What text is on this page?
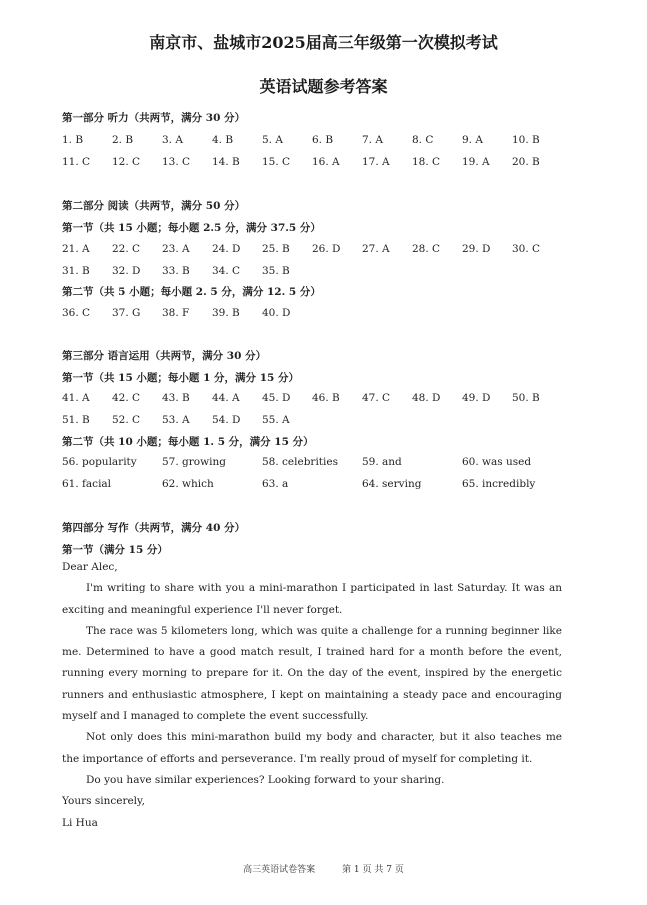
南京市、盐城市2025届高三年级第一次模拟考试
英语试题参考答案
第一部分 听力（共两节，满分 30 分）
1. B	2. B	3. A	4. B	5. A	6. B	7. A	8. C	9. A	10. B
11. C 12. C 13. C 14. B 15. C 16. A 17. A 18. C 19. A 20. B
第二部分 阅读（共两节，满分 50 分）
第一节（共 15 小题；每小题 2.5 分，满分 37.5 分）
21. A 22. C 23. A 24. D 25. B 26. D 27. A 28. C 29. D 30. C
31. B 32. D 33. B 34. C 35. B
第二节（共 5 小题；每小题 2. 5 分，满分 12. 5 分）
36. C 37. G 38. F 39. B 40. D
第三部分 语言运用（共两节，满分 30 分）
第一节（共 15 小题；每小题 1 分，满分 15 分）
41. A 42. C 43. B 44. A 45. D 46. B 47. C 48. D 49. D 50. B
51. B 52. C 53. A 54. D 55. A
第二节（共 10 小题；每小题 1. 5 分，满分 15 分）
56. popularity 57. growing	58. celebrities 59. and	60. was used
61. facial	62. which	63. a	64. serving	65. incredibly
第四部分 写作（共两节，满分 40 分）
第一节（满分 15 分）

Dear Alec,

I'm writing to share with you a mini-marathon I participated in last Saturday. It was an exciting and meaningful experience I'll never forget.

The race was 5 kilometers long, which was quite a challenge for a running beginner like me. Determined to have a good match result, I trained hard for a month before the event, running every morning to prepare for it. On the day of the event, inspired by the energetic runners and enthusiastic atmosphere, I kept on maintaining a steady pace and encouraging myself and I managed to complete the event successfully.

Not only does this mini-marathon build my body and character, but it also teaches me the importance of efforts and perseverance. I'm really proud of myself for completing it.

Do you have similar experiences? Looking forward to your sharing.

Yours sincerely,

Li Hua

高三英语试卷答案	第 1 页 共 7 页
